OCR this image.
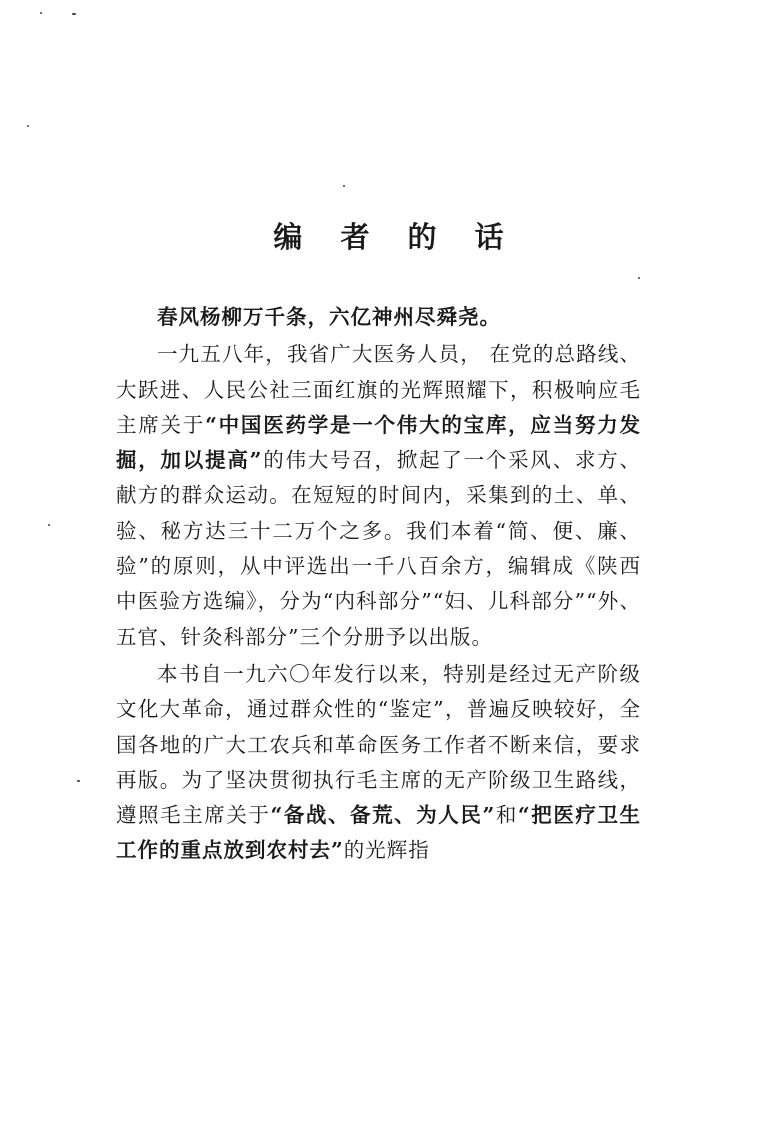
编 者 的 话

春风杨柳万千条，六亿神州尽舜尧。

一九五八年，我省广大医务人员， 在党的总路线、大跃进、人民公社三面红旗的光辉照耀下，积极响应毛主席关于“中国医药学是一个伟大的宝库，应当努力发掘，加以提高”的伟大号召，掀起了一个采风、求方、献方的群众运动。在短短的时间内，采集到的土、单、验、秘方达三十二万个之多。我们本着“简、便、廉、验”的原则，从中评选出一千八百余方，编辑成《陕西中医验方选编》，分为“内科部分”“妇、儿科部分”“外、五官、针灸科部分”三个分册予以出版。

本书自一九六〇年发行以来，特别是经过无产阶级文化大革命，通过群众性的“鉴定”，普遍反映较好，全国各地的广大工农兵和革命医务工作者不断来信，要求再版。为了坚决贯彻执行毛主席的无产阶级卫生路线，遵照毛主席关于“备战、备荒、为人民”和“把医疗卫生工作的重点放到农村去”的光辉指
